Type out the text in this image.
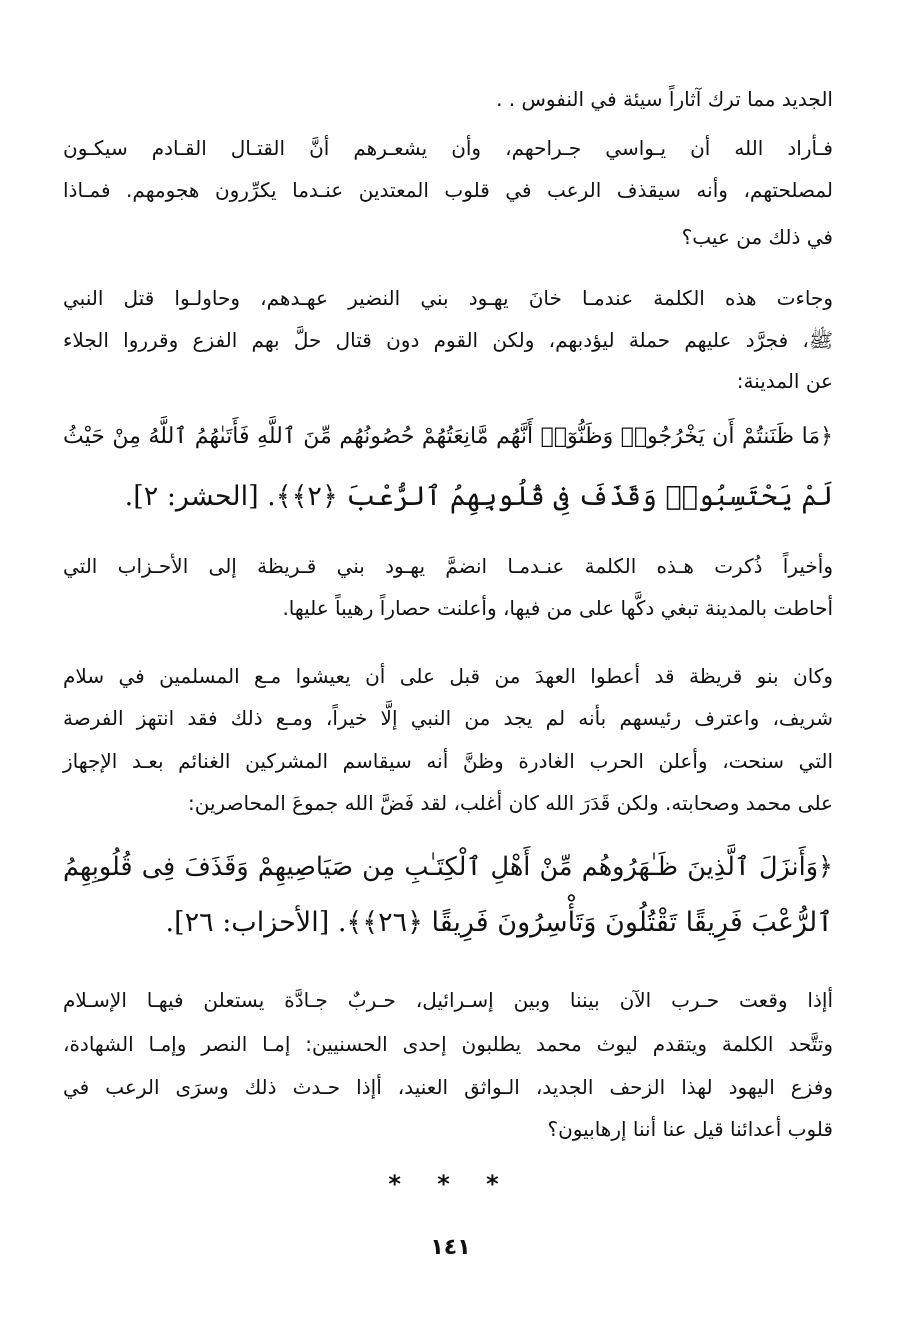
الجديد مما ترك آثاراً سيئة في النفوس . .
فـأراد الله أن يـواسي جـراحهم، وأن يشعـرهم أنَّ القتـال القـادم سيكـون
لمصلحتهم، وأنه سيقذف الرعب في قلوب المعتدين عنـدما يكرِّرون هجومهم. فمـاذا
في ذلك من عيب؟
وجاءت هذه الكلمة عندمـا خانَ يهـود بني النضير عهـدهم، وحاولـوا قتل النبي
ﷺ، فجرَّد عليهم حملة ليؤدبهم، ولكن القوم دون قتال حلَّ بهم الفزع وقرروا الجلاء
عن المدينة:
﴿مَا ظَنَنتُمْ أَن يَخْرُجُوا۟ وَظَنُّوٓا۟ أَنَّهُم مَّانِعَتُهُمْ حُصُونُهُم مِّنَ ٱللَّهِ فَأَتَىٰهُمُ ٱللَّهُ مِنْ حَيْثُ
لَمْ يَحْتَسِبُوا۟ وَقَذَفَ فِى قُلُوبِهِمُ ٱلرُّعْبَ ﴿٢﴾﴾. [الحشر: ٢].
وأخيراً ذُكرت هـذه الكلمة عنـدمـا انضمَّ يهـود بني قـريظة إلى الأحـزاب التي
أحاطت بالمدينة تبغي دكَّها على من فيها، وأعلنت حصاراً رهيباً عليها.
وكان بنو قريظة قد أعطوا العهدَ من قبل على أن يعيشوا مـع المسلمين في سلام
شريف، واعترف رئيسهم بأنه لم يجد من النبي إلَّا خيراً، ومـع ذلك فقد انتهز الفرصة
التي سنحت، وأعلن الحرب الغادرة وظنَّ أنه سيقاسم المشركين الغنائم بعـد الإجهاز
على محمد وصحابته. ولكن قَدَرَ الله كان أغلب، لقد فَضَّ الله جموعَ المحاصرين:
﴿وَأَنزَلَ ٱلَّذِينَ ظَـٰهَرُوهُم مِّنْ أَهْلِ ٱلْكِتَـٰبِ مِن صَيَاصِيهِمْ وَقَذَفَ فِى قُلُوبِهِمُ
ٱلرُّعْبَ فَرِيقًا تَقْتُلُونَ وَتَأْسِرُونَ فَرِيقًا ﴿٢٦﴾﴾. [الأحزاب: ٢٦].
أإذا وقعت حـرب الآن بيننا وبين إسـرائيل، حـربٌ جـادَّة يستعلن فيهـا الإسـلام
وتتَّحد الكلمة ويتقدم ليوث محمد يطلبون إحدى الحسنيين: إمـا النصر وإمـا الشهادة،
وفزع اليهود لهذا الزحف الجديد، الـواثق العنيد، أإذا حـدث ذلك وسرَى الرعب في
قلوب أعدائنا قيل عنا أننا إرهابيون؟
* * *
١٤١
